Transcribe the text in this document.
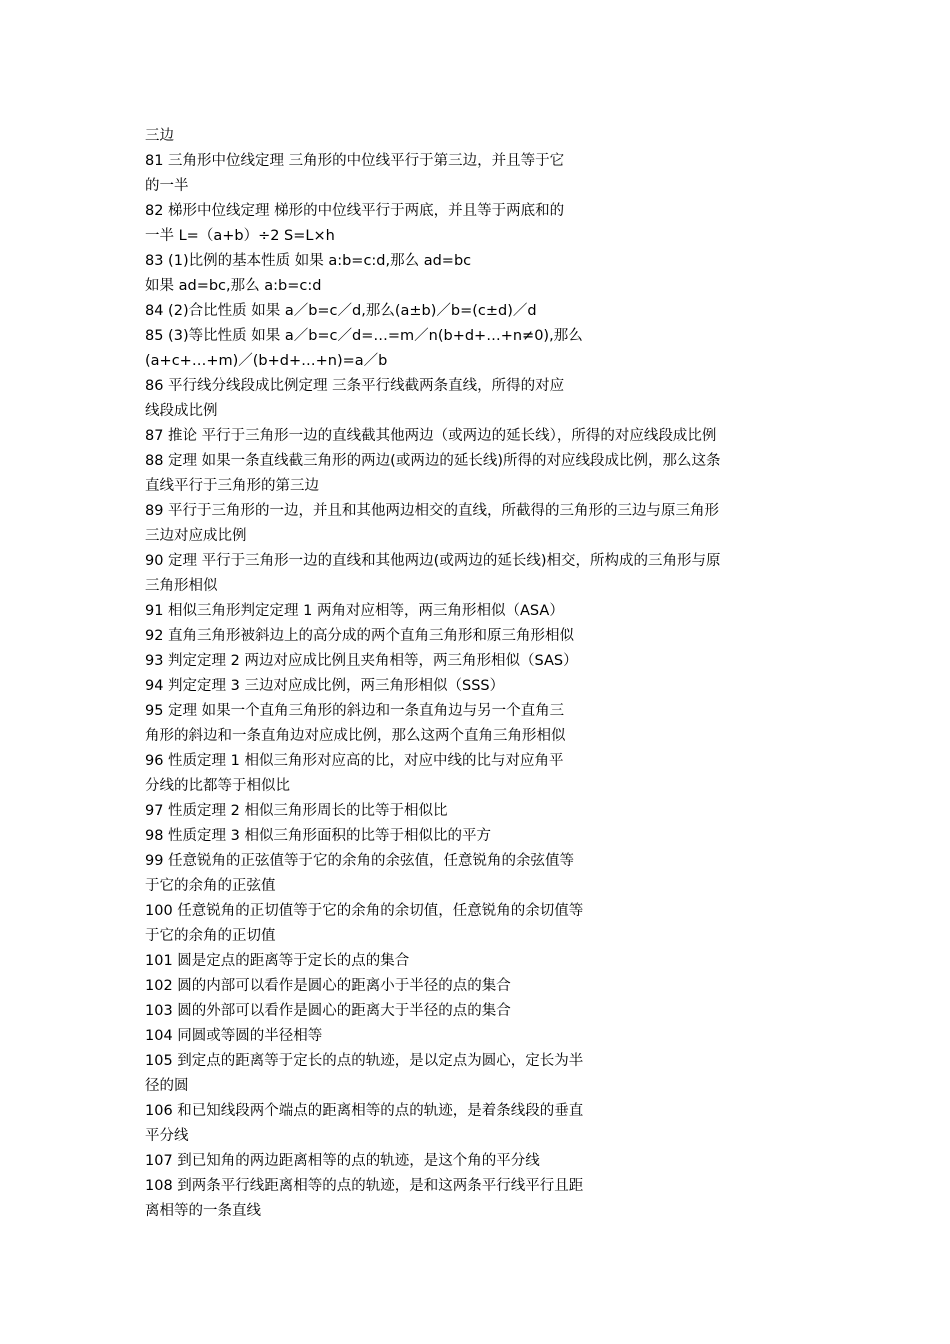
三边

81 三角形中位线定理 三角形的中位线平行于第三边，并且等于它

的一半

82 梯形中位线定理 梯形的中位线平行于两底，并且等于两底和的

一半 L=（a+b）÷2 S=L×h

83 (1)比例的基本性质 如果 a:b=c:d,那么 ad=bc

如果 ad=bc,那么 a:b=c:d

84 (2)合比性质 如果 a／b=c／d,那么(a±b)／b=(c±d)／d

85 (3)等比性质 如果 a／b=c／d=…=m／n(b+d+…+n≠0),那么

(a+c+…+m)／(b+d+…+n)=a／b

86 平行线分线段成比例定理 三条平行线截两条直线，所得的对应

线段成比例

87 推论 平行于三角形一边的直线截其他两边（或两边的延长线），所得的对应线段成比例

88 定理 如果一条直线截三角形的两边(或两边的延长线)所得的对应线段成比例，那么这条

直线平行于三角形的第三边

89 平行于三角形的一边，并且和其他两边相交的直线，所截得的三角形的三边与原三角形

三边对应成比例

90 定理 平行于三角形一边的直线和其他两边(或两边的延长线)相交，所构成的三角形与原

三角形相似

91 相似三角形判定定理 1 两角对应相等，两三角形相似（ASA）

92 直角三角形被斜边上的高分成的两个直角三角形和原三角形相似

93 判定定理 2 两边对应成比例且夹角相等，两三角形相似（SAS）

94 判定定理 3 三边对应成比例，两三角形相似（SSS）

95 定理 如果一个直角三角形的斜边和一条直角边与另一个直角三

角形的斜边和一条直角边对应成比例，那么这两个直角三角形相似

96 性质定理 1 相似三角形对应高的比，对应中线的比与对应角平

分线的比都等于相似比

97 性质定理 2 相似三角形周长的比等于相似比

98 性质定理 3 相似三角形面积的比等于相似比的平方

99 任意锐角的正弦值等于它的余角的余弦值，任意锐角的余弦值等

于它的余角的正弦值

100 任意锐角的正切值等于它的余角的余切值，任意锐角的余切值等

于它的余角的正切值

101 圆是定点的距离等于定长的点的集合

102 圆的内部可以看作是圆心的距离小于半径的点的集合

103 圆的外部可以看作是圆心的距离大于半径的点的集合

104 同圆或等圆的半径相等

105 到定点的距离等于定长的点的轨迹，是以定点为圆心，定长为半

径的圆

106 和已知线段两个端点的距离相等的点的轨迹，是着条线段的垂直

平分线

107 到已知角的两边距离相等的点的轨迹，是这个角的平分线

108 到两条平行线距离相等的点的轨迹，是和这两条平行线平行且距

离相等的一条直线
